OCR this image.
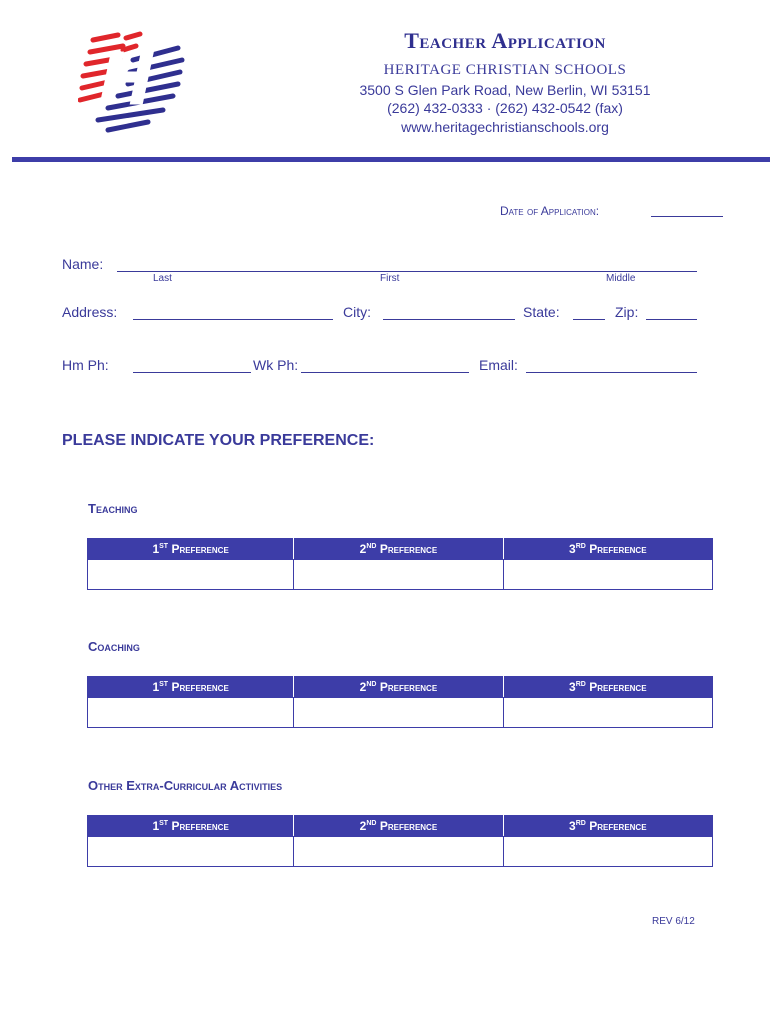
Teacher Application
HERITAGE CHRISTIAN SCHOOLS
3500 S Glen Park Road, New Berlin, WI 53151
(262) 432-0333 · (262) 432-0542 (fax)
www.heritagechristianschools.org
Date of Application:
Name:
Last	First	Middle
Address:	City:	State:	Zip:
Hm Ph:	Wk Ph:	Email:
PLEASE INDICATE YOUR PREFERENCE:
Teaching
1ST Preference	2ND Preference	3RD Preference

Coaching
1ST Preference	2ND Preference	3RD Preference

Other Extra-Curricular Activities
1ST Preference	2ND Preference	3RD Preference

REV 6/12
